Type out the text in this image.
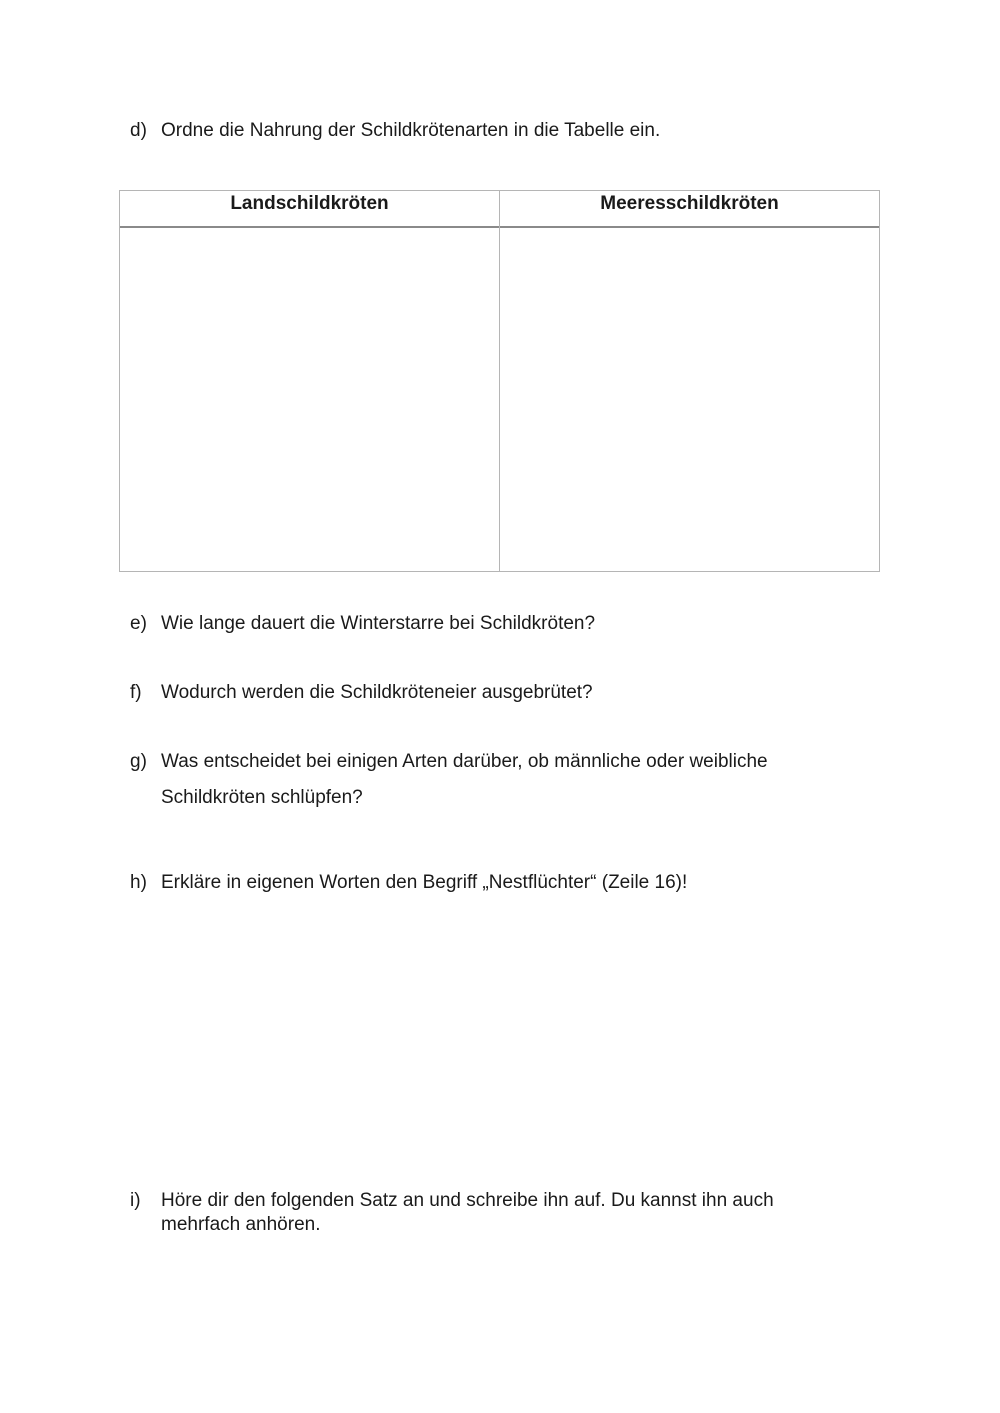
d) Ordne die Nahrung der Schildkrötenarten in die Tabelle ein.
Landschildkröten	Meeresschildkröten
e) Wie lange dauert die Winterstarre bei Schildkröten?
f)	Wodurch werden die Schildkröteneier ausgebrütet?
g) Was entscheidet bei einigen Arten darüber, ob männliche oder weibliche
Schildkröten schlüpfen?
h) Erkläre in eigenen Worten den Begriff „Nestflüchter“ (Zeile 16)!
i)	Höre dir den folgenden Satz an und schreibe ihn auf. Du kannst ihn auch
mehrfach anhören.
